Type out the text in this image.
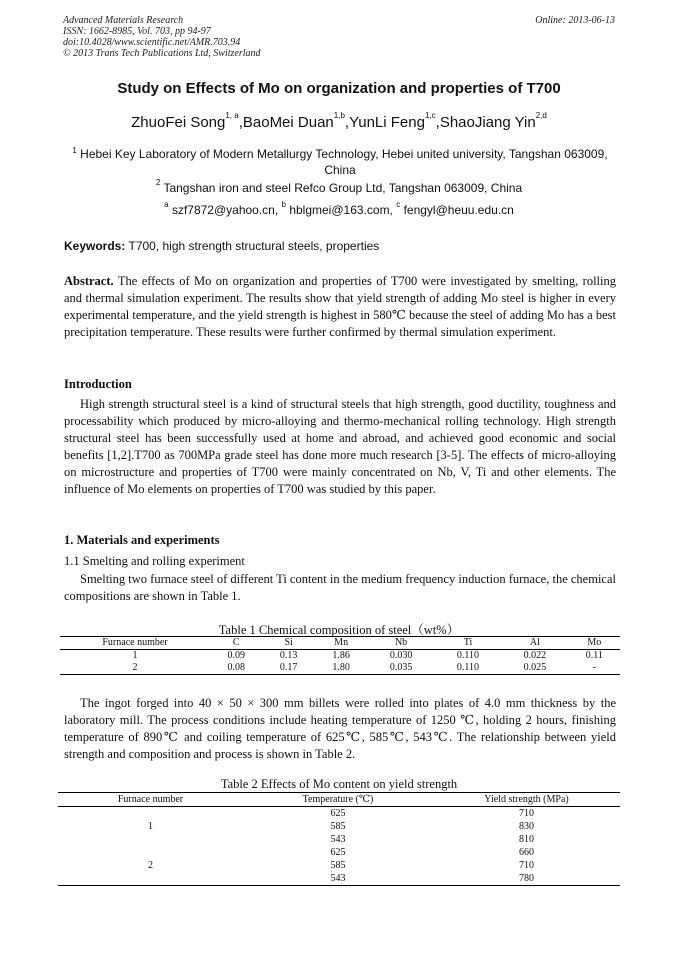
Advanced Materials Research
ISSN: 1662-8985, Vol. 703, pp 94-97
doi:10.4028/www.scientific.net/AMR.703.94
© 2013 Trans Tech Publications Ltd, Switzerland
Online: 2013-06-13
Study on Effects of Mo on organization and properties of T700
ZhuoFei Song$^{1, a}$,BaoMei Duan$^{1,b}$,YunLi Feng$^{1,c}$,ShaoJiang Yin$^{2,d}$
$^1$ Hebei Key Laboratory of Modern Metallurgy Technology, Hebei united university, Tangshan 063009, China
$^2$ Tangshan iron and steel Refco Group Ltd, Tangshan 063009, China
$^a$ szf7872@yahoo.cn, $^b$ hblgmei@163.com, $^c$ fengyl@heuu.edu.cn
Keywords: T700, high strength structural steels, properties
Abstract. The effects of Mo on organization and properties of T700 were investigated by smelting, rolling and thermal simulation experiment. The results show that yield strength of adding Mo steel is higher in every experimental temperature, and the yield strength is highest in 580℃ because the steel of adding Mo has a best precipitation temperature. These results were further confirmed by thermal simulation experiment.
Introduction
High strength structural steel is a kind of structural steels that high strength, good ductility, toughness and processability which produced by micro-alloying and thermo-mechanical rolling technology. High strength structural steel has been successfully used at home and abroad, and achieved good economic and social benefits [1,2].T700 as 700MPa grade steel has done more much research [3-5]. The effects of micro-alloying on microstructure and properties of T700 were mainly concentrated on Nb, V, Ti and other elements. The influence of Mo elements on properties of T700 was studied by this paper.
1. Materials and experiments
1.1 Smelting and rolling experiment
Smelting two furnace steel of different Ti content in the medium frequency induction furnace, the chemical compositions are shown in Table 1.
Table 1 Chemical composition of steel（wt%）
Furnace number	C	Si	Mn	Nb	Ti	Al	Mo
1	0.09	0.13	1.86	0.030	0.110	0.022	0.11
2	0.08	0.17	1.80	0.035	0.110	0.025	-
The ingot forged into 40 × 50 × 300 mm billets were rolled into plates of 4.0 mm thickness by the laboratory mill. The process conditions include heating temperature of 1250 ℃, holding 2 hours, finishing temperature of 890℃ and coiling temperature of 625℃, 585℃, 543℃. The relationship between yield strength and composition and process is shown in Table 2.
Table 2 Effects of Mo content on yield strength
Furnace number	Temperature (℃)	Yield strength (MPa)
1	625	710
	585	830
	543	810
2	625	660
	585	710
	543	780
